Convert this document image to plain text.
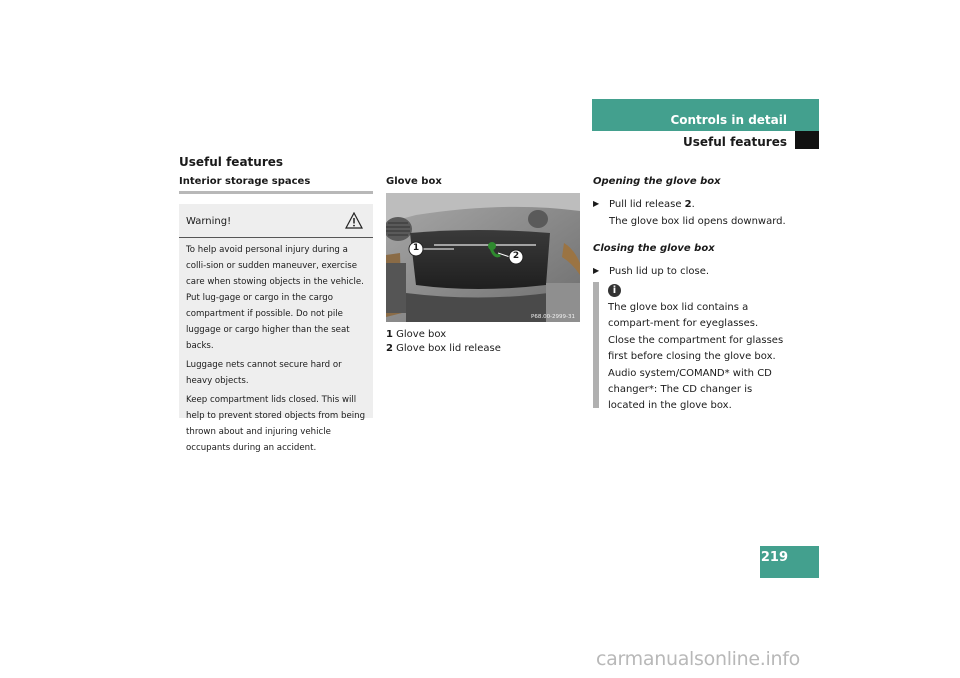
Controls in detail
Useful features
Useful features
Interior storage spaces
Warning!

To help avoid personal injury during a colli-sion or sudden maneuver, exercise care when stowing objects in the vehicle. Put lug-gage or cargo in the cargo compartment if possible. Do not pile luggage or cargo higher than the seat backs.

Luggage nets cannot secure hard or heavy objects.

Keep compartment lids closed. This will help to prevent stored objects from being thrown about and injuring vehicle occupants during an accident.

Glove box
1
2
P68.00-2999-31
1 Glove box
2 Glove box lid release
Opening the glove box
▶ Pull lid release 2.
The glove box lid opens downward.
Closing the glove box
▶ Push lid up to close.
i

The glove box lid contains a compart-ment for eyeglasses.

Close the compartment for glasses first before closing the glove box.

Audio system/COMAND* with CD changer*: The CD changer is located in the glove box.

219
carmanualsonline.info
